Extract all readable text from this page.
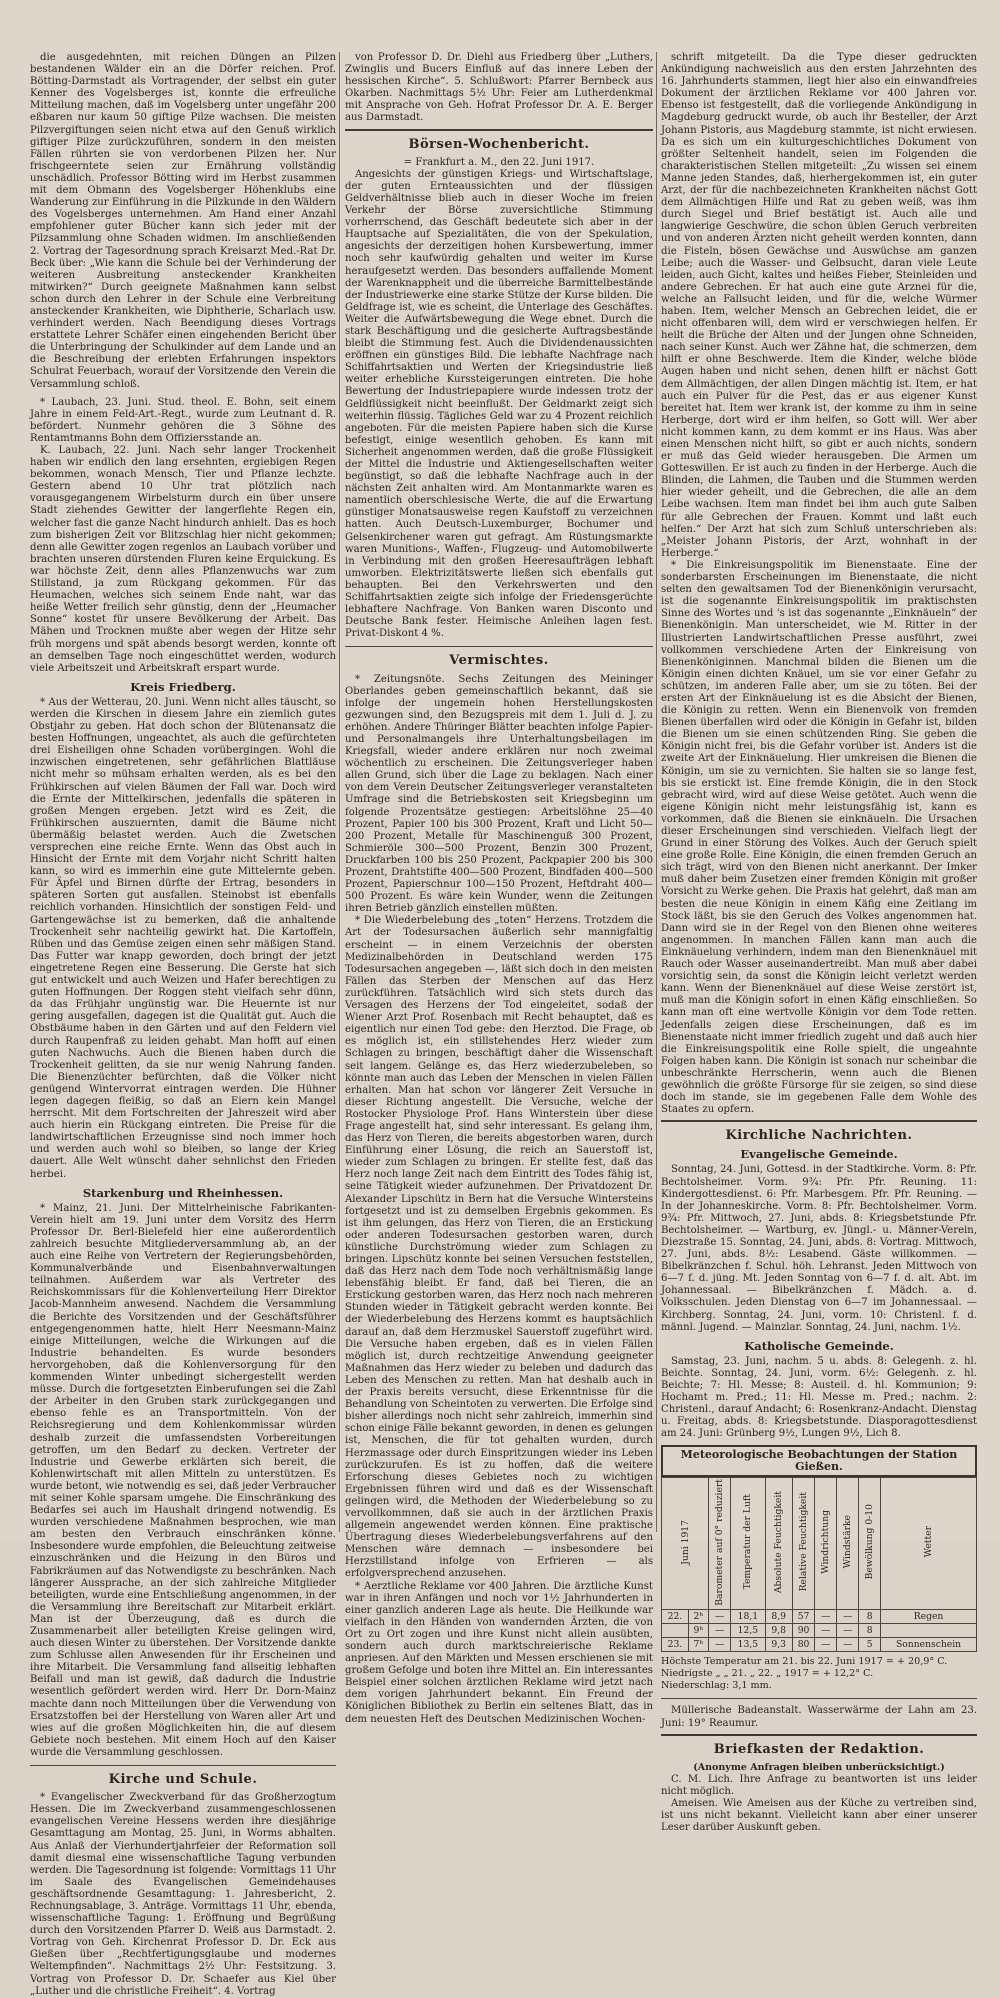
die ausgedehnten, mit reichen Düngen an Pilzen bestandenen Wälder ein an die Dörfer reichen. Prof. Bötting-Darmstadt als Vortragender, der selbst ein guter Kenner des Vogelsberges ist, konnte die erfreuliche Mitteilung machen, daß im Vogelsberg unter ungefähr 200 eßbaren nur kaum 50 giftige Pilze wachsen. Die meisten Pilzvergiftungen seien nicht etwa auf den Genuß wirklich giftiger Pilze zurückzuführen, sondern in den meisten Fällen rührten sie von verdorbenen Pilzen her. Nur frischgeerntete seien zur Ernährung vollständig unschädlich. Professor Bötting wird im Herbst zusammen mit dem Obmann des Vogelsberger Höhenklubs eine Wanderung zur Einführung in die Pilzkunde in den Wäldern des Vogelsberges unternehmen. Am Hand einer Anzahl empfohlener guter Bücher kann sich jeder mit der Pilzsammlung ohne Schaden widmen. Im anschließenden 2. Vortrag der Tagesordnung sprach Kreisarzt Med.-Rat Dr. Beck über: „Wie kann die Schule bei der Verhinderung der weiteren Ausbreitung ansteckender Krankheiten mitwirken?“ Durch geeignete Maßnahmen kann selbst schon durch den Lehrer in der Schule eine Verbreitung ansteckender Krankheiten, wie Diphtherie, Scharlach usw. verhindert werden. Nach Beendigung dieses Vortrags erstattete Lehrer Schäfer einen eingehenden Bericht über die Unterbringung der Schulkinder auf dem Lande und an die Beschreibung der erlebten Erfahrungen inspektors Schulrat Feuerbach, worauf der Vorsitzende den Verein die Versammlung schloß.

* Laubach, 23. Juni. Stud. theol. E. Bohn, seit einem Jahre in einem Feld-Art.-Regt., wurde zum Leutnant d. R. befördert. Nunmehr gehören die 3 Söhne des Rentamtmanns Bohn dem Offiziersstande an.

K. Laubach, 22. Juni. Nach sehr langer Trockenheit haben wir endlich den lang ersehnten, ergiebigen Regen bekommen, wonach Mensch, Tier und Pflanze lechzte. Gestern abend 10 Uhr trat plötzlich nach vorausgegangenem Wirbelsturm durch ein über unsere Stadt ziehendes Gewitter der langerflehte Regen ein, welcher fast die ganze Nacht hindurch anhielt. Das es hoch zum bisherigen Zeit vor Blitzschlag hier nicht gekommen; denn alle Gewitter zogen regenlos an Laubach vorüber und brachten unseren dürstenden Fluren keine Erquickung. Es war höchste Zeit, denn alles Pflanzenwuchs war zum Stillstand, ja zum Rückgang gekommen. Für das Heumachen, welches sich seinem Ende naht, war das heiße Wetter freilich sehr günstig, denn der „Heumacher Sonne“ kostet für unsere Bevölkerung der Arbeit. Das Mähen und Trocknen mußte aber wegen der Hitze sehr früh morgens und spät abends besorgt werden, konnte oft an demselben Tage noch eingeschüttet werden, wodurch viele Arbeitszeit und Arbeitskraft erspart wurde.

Kreis Friedberg.

* Aus der Wetterau, 20. Juni. Wenn nicht alles täuscht, so werden die Kirschen in diesem Jahre ein ziemlich gutes Obstjahr zu geben. Hat doch schon der Blütenansatz die besten Hoffnungen, ungeachtet, als auch die gefürchteten drei Eisheiligen ohne Schaden vorübergingen. Wohl die inzwischen eingetretenen, sehr gefährlichen Blattläuse nicht mehr so mühsam erhalten werden, als es bei den Frühkirschen auf vielen Bäumen der Fall war. Doch wird die Ernte der Mittelkirschen, jedenfalls die späteren in großen Mengen ergeben. Jetzt wird es Zeit, die Frühkirschen auszuernten, damit die Bäume nicht übermäßig belastet werden. Auch die Zwetschen versprechen eine reiche Ernte. Wenn das Obst auch in Hinsicht der Ernte mit dem Vorjahr nicht Schritt halten kann, so wird es immerhin eine gute Mittelernte geben. Für Äpfel und Birnen dürfte der Ertrag, besonders in späteren Sorten gut ausfallen. Steinobst ist ebenfalls reichlich vorhanden. Hinsichtlich der sonstigen Feld- und Gartengewächse ist zu bemerken, daß die anhaltende Trockenheit sehr nachteilig gewirkt hat. Die Kartoffeln, Rüben und das Gemüse zeigen einen sehr mäßigen Stand. Das Futter war knapp geworden, doch bringt der jetzt eingetretene Regen eine Besserung. Die Gerste hat sich gut entwickelt und auch Weizen und Hafer berechtigen zu guten Hoffnungen. Der Roggen steht vielfach sehr dünn, da das Frühjahr ungünstig war. Die Heuernte ist nur gering ausgefallen, dagegen ist die Qualität gut. Auch die Obstbäume haben in den Gärten und auf den Feldern viel durch Raupenfraß zu leiden gehabt. Man hofft auf einen guten Nachwuchs. Auch die Bienen haben durch die Trockenheit gelitten, da sie nur wenig Nahrung fanden. Die Bienenzüchter befürchten, daß die Völker nicht genügend Wintervorrat eintragen werden. Die Hühner legen dagegen fleißig, so daß an Eiern kein Mangel herrscht. Mit dem Fortschreiten der Jahreszeit wird aber auch hierin ein Rückgang eintreten. Die Preise für die landwirtschaftlichen Erzeugnisse sind noch immer hoch und werden auch wohl so bleiben, so lange der Krieg dauert. Alle Welt wünscht daher sehnlichst den Frieden herbei.

Starkenburg und Rheinhessen.

* Mainz, 21. Juni. Der Mittelrheinische Fabrikanten-Verein hielt am 19. Juni unter dem Vorsitz des Herrn Professor Dr. Berl-Bielefeld hier eine außerordentlich zahlreich besuchte Mitgliederversammlung ab, an der auch eine Reihe von Vertretern der Regierungsbehörden, Kommunalverbände und Eisenbahnverwaltungen teilnahmen. Außerdem war als Vertreter des Reichskommissars für die Kohlenverteilung Herr Direktor Jacob-Mannheim anwesend. Nachdem die Versammlung die Berichte des Vorsitzenden und der Geschäftsführer entgegengenommen hatte, hielt Herr Neesmann-Mainz einige Mitteilungen, welche die Wirkungen auf die Industrie behandelten. Es wurde besonders hervorgehoben, daß die Kohlenversorgung für den kommenden Winter unbedingt sichergestellt werden müsse. Durch die fortgesetzten Einberufungen sei die Zahl der Arbeiter in den Gruben stark zurückgegangen und ebenso fehle es an Transportmitteln. Von der Reichsregierung und dem Kohlenkommissar würden deshalb zurzeit die umfassendsten Vorbereitungen getroffen, um den Bedarf zu decken. Vertreter der Industrie und Gewerbe erklärten sich bereit, die Kohlenwirtschaft mit allen Mitteln zu unterstützen. Es wurde betont, wie notwendig es sei, daß jeder Verbraucher mit seiner Kohle sparsam umgehe. Die Einschränkung des Bedarfes sei auch im Haushalt dringend notwendig. Es wurden verschiedene Maßnahmen besprochen, wie man am besten den Verbrauch einschränken könne. Insbesondere wurde empfohlen, die Beleuchtung zeitweise einzuschränken und die Heizung in den Büros und Fabrikräumen auf das Notwendigste zu beschränken. Nach längerer Aussprache, an der sich zahlreiche Mitglieder beteiligten, wurde eine Entschließung angenommen, in der die Versammlung ihre Bereitschaft zur Mitarbeit erklärt. Man ist der Überzeugung, daß es durch die Zusammenarbeit aller beteiligten Kreise gelingen wird, auch diesen Winter zu überstehen. Der Vorsitzende dankte zum Schlusse allen Anwesenden für ihr Erscheinen und ihre Mitarbeit. Die Versammlung fand allseitig lebhaften Beifall und man ist gewiß, daß dadurch die Industrie wesentlich gefördert werden wird. Herr Dr. Dorn-Mainz machte dann noch Mitteilungen über die Verwendung von Ersatzstoffen bei der Herstellung von Waren aller Art und wies auf die großen Möglichkeiten hin, die auf diesem Gebiete noch bestehen. Mit einem Hoch auf den Kaiser wurde die Versammlung geschlossen.

Kirche und Schule.

* Evangelischer Zweckverband für das Großherzogtum Hessen. Die im Zweckverband zusammengeschlossenen evangelischen Vereine Hessens werden ihre diesjährige Gesamttagung am Montag, 25. Juni, in Worms abhalten. Aus Anlaß der Vierhundertjahrfeier der Reformation soll damit diesmal eine wissenschaftliche Tagung verbunden werden. Die Tagesordnung ist folgende: Vormittags 11 Uhr im Saale des Evangelischen Gemeindehauses geschäftsordnende Gesamttagung: 1. Jahresbericht, 2. Rechnungsablage, 3. Anträge. Vormittags 11 Uhr, ebenda, wissenschaftliche Tagung: 1. Eröffnung und Begrüßung durch den Vorsitzenden Pfarrer D. Weiß aus Darmstadt. 2. Vortrag von Geh. Kirchenrat Professor D. Dr. Eck aus Gießen über „Rechtfertigungsglaube und modernes Weltempfinden“. Nachmittags 2½ Uhr: Festsitzung. 3. Vortrag von Professor D. Dr. Schaefer aus Kiel über „Luther und die christliche Freiheit“. 4. Vortrag

von Professor D. Dr. Diehl aus Friedberg über „Luthers, Zwinglis und Bucers Einfluß auf das innere Leben der hessischen Kirche“. 5. Schlußwort: Pfarrer Bernbeck aus Okarben. Nachmittags 5½ Uhr: Feier am Lutherdenkmal mit Ansprache von Geh. Hofrat Professor Dr. A. E. Berger aus Darmstadt.

Börsen-Wochenbericht.

= Frankfurt a. M., den 22. Juni 1917.

Angesichts der günstigen Kriegs- und Wirtschaftslage, der guten Ernteaussichten und der flüssigen Geldverhältnisse blieb auch in dieser Woche im freien Verkehr der Börse zuversichtliche Stimmung vorherrschend, das Geschäft bedeutete sich aber in der Hauptsache auf Spezialitäten, die von der Spekulation, angesichts der derzeitigen hohen Kursbewertung, immer noch sehr kaufwürdig gehalten und weiter im Kurse heraufgesetzt werden. Das besonders auffallende Moment der Warenknappheit und die überreiche Barmittelbestände der Industriewerke eine starke Stütze der Kurse bilden. Die Geldfrage ist, wie es scheint, die Unterlage des Geschäftes. Weiter die Aufwärtsbewegung die Wege ebnet. Durch die stark Beschäftigung und die gesicherte Auftragsbestände bleibt die Stimmung fest. Auch die Dividendenaussichten eröffnen ein günstiges Bild. Die lebhafte Nachfrage nach Schiffahrtsaktien und Werten der Kriegsindustrie ließ weiter erhebliche Kurssteigerungen eintreten. Die hohe Bewertung der Industriepapiere wurde indessen trotz der Geldflüssigkeit nicht beeinflußt. Der Geldmarkt zeigt sich weiterhin flüssig. Tägliches Geld war zu 4 Prozent reichlich angeboten. Für die meisten Papiere haben sich die Kurse befestigt, einige wesentlich gehoben. Es kann mit Sicherheit angenommen werden, daß die große Flüssigkeit der Mittel die Industrie und Aktiengesellschaften weiter begünstigt, so daß die lebhafte Nachfrage auch in der nächsten Zeit anhalten wird. Am Montanmarkte waren es namentlich oberschlesische Werte, die auf die Erwartung günstiger Monatsausweise regen Kaufstoff zu verzeichnen hatten. Auch Deutsch-Luxemburger, Bochumer und Gelsenkirchener waren gut gefragt. Am Rüstungsmarkte waren Munitions-, Waffen-, Flugzeug- und Automobilwerte in Verbindung mit den großen Heeresaufträgen lebhaft umworben. Elektrizitätswerte ließen sich ebenfalls gut behaupten. Bei den Verkehrswerten und den Schiffahrtsaktien zeigte sich infolge der Friedensgerüchte lebhaftere Nachfrage. Von Banken waren Disconto und Deutsche Bank fester. Heimische Anleihen lagen fest. Privat-Diskont 4 %.

Vermischtes.

* Zeitungsnöte. Sechs Zeitungen des Meininger Oberlandes geben gemeinschaftlich bekannt, daß sie infolge der ungemein hohen Herstellungskosten gezwungen sind, den Bezugspreis mit dem 1. Juli d. J. zu erhöhen. Andere Thüringer Blätter beachten infolge Papier- und Personalmangels ihre Unterhaltungsbeilagen im Kriegsfall, wieder andere erklären nur noch zweimal wöchentlich zu erscheinen. Die Zeitungsverleger haben allen Grund, sich über die Lage zu beklagen. Nach einer von dem Verein Deutscher Zeitungsverleger veranstalteten Umfrage sind die Betriebskosten seit Kriegsbeginn um folgende Prozentsätze gestiegen: Arbeitslöhne 25—40 Prozent, Papier 100 bis 300 Prozent, Kraft und Licht 50—200 Prozent, Metalle für Maschinenguß 300 Prozent, Schmieröle 300—500 Prozent, Benzin 300 Prozent, Druckfarben 100 bis 250 Prozent, Packpapier 200 bis 300 Prozent, Drahtstifte 400—500 Prozent, Bindfaden 400—500 Prozent, Papierschnur 100—150 Prozent, Heftdraht 400—500 Prozent. Es wäre kein Wunder, wenn die Zeitungen ihren Betrieb gänzlich einstellen müßten.

* Die Wiederbelebung des „toten“ Herzens. Trotzdem die Art der Todesursachen äußerlich sehr mannigfaltig erscheint — in einem Verzeichnis der obersten Medizinalbehörden in Deutschland werden 175 Todesursachen angegeben —, läßt sich doch in den meisten Fällen das Sterben der Menschen auf das Herz zurückführen. Tatsächlich wird sich stets durch das Versagen des Herzens der Tod eingeleitet, sodaß der Wiener Arzt Prof. Rosenbach mit Recht behauptet, daß es eigentlich nur einen Tod gebe: den Herztod. Die Frage, ob es möglich ist, ein stillstehendes Herz wieder zum Schlagen zu bringen, beschäftigt daher die Wissenschaft seit langem. Gelänge es, das Herz wiederzubeleben, so könnte man auch das Leben der Menschen in vielen Fällen erhalten. Man hat schon vor längerer Zeit Versuche in dieser Richtung angestellt. Die Versuche, welche der Rostocker Physiologe Prof. Hans Winterstein über diese Frage angestellt hat, sind sehr interessant. Es gelang ihm, das Herz von Tieren, die bereits abgestorben waren, durch Einführung einer Lösung, die reich an Sauerstoff ist, wieder zum Schlagen zu bringen. Er stellte fest, daß das Herz noch lange Zeit nach dem Eintritt des Todes fähig ist, seine Tätigkeit wieder aufzunehmen. Der Privatdozent Dr. Alexander Lipschütz in Bern hat die Versuche Wintersteins fortgesetzt und ist zu demselben Ergebnis gekommen. Es ist ihm gelungen, das Herz von Tieren, die an Erstickung oder anderen Todesursachen gestorben waren, durch künstliche Durchströmung wieder zum Schlagen zu bringen. Lipschütz konnte bei seinen Versuchen feststellen, daß das Herz nach dem Tode noch verhältnismäßig lange lebensfähig bleibt. Er fand, daß bei Tieren, die an Erstickung gestorben waren, das Herz noch nach mehreren Stunden wieder in Tätigkeit gebracht werden konnte. Bei der Wiederbelebung des Herzens kommt es hauptsächlich darauf an, daß dem Herzmuskel Sauerstoff zugeführt wird. Die Versuche haben ergeben, daß es in vielen Fällen möglich ist, durch rechtzeitige Anwendung geeigneter Maßnahmen das Herz wieder zu beleben und dadurch das Leben des Menschen zu retten. Man hat deshalb auch in der Praxis bereits versucht, diese Erkenntnisse für die Behandlung von Scheintoten zu verwerten. Die Erfolge sind bisher allerdings noch nicht sehr zahlreich, immerhin sind schon einige Fälle bekannt geworden, in denen es gelungen ist, Menschen, die für tot gehalten wurden, durch Herzmassage oder durch Einspritzungen wieder ins Leben zurückzurufen. Es ist zu hoffen, daß die weitere Erforschung dieses Gebietes noch zu wichtigen Ergebnissen führen wird und daß es der Wissenschaft gelingen wird, die Methoden der Wiederbelebung so zu vervollkommnen, daß sie auch in der ärztlichen Praxis allgemein angewendet werden können. Eine praktische Übertragung dieses Wiederbelebungsverfahrens auf den Menschen wäre demnach — insbesondere bei Herzstillstand infolge von Erfrieren — als erfolgversprechend anzusehen.

* Aerztliche Reklame vor 400 Jahren. Die ärztliche Kunst war in ihren Anfängen und noch vor 1½ Jahrhunderten in einer ganzlich anderen Lage als heute. Die Heilkunde war vielfach in den Händen von wandernden Ärzten, die von Ort zu Ort zogen und ihre Kunst nicht allein ausübten, sondern auch durch marktschreierische Reklame anpriesen. Auf den Märkten und Messen erschienen sie mit großem Gefolge und boten ihre Mittel an. Ein interessantes Beispiel einer solchen ärztlichen Reklame wird jetzt nach dem vorigen Jahrhundert bekannt. Ein Freund der Königlichen Bibliothek zu Berlin ein seltenes Blatt, das in dem neuesten Heft des Deutschen Medizinischen Wochen-

schrift mitgeteilt. Da die Type dieser gedruckten Ankündigung nachweislich aus den ersten Jahrzehnten des 16. Jahrhunderts stammen, liegt hier also ein einwandfreies Dokument der ärztlichen Reklame vor 400 Jahren vor. Ebenso ist festgestellt, daß die vorliegende Ankündigung in Magdeburg gedruckt wurde, ob auch ihr Besteller, der Arzt Johann Pistoris, aus Magdeburg stammte, ist nicht erwiesen. Da es sich um ein kulturgeschichtliches Dokument von größter Seltenheit handelt, seien im Folgenden die charakteristischen Stellen mitgeteilt: „Zu wissen sei einem Manne jeden Standes, daß, hierhergekommen ist, ein guter Arzt, der für die nachbezeichneten Krankheiten nächst Gott dem Allmächtigen Hilfe und Rat zu geben weiß, was ihm durch Siegel und Brief bestätigt ist. Auch alle und langwierige Geschwüre, die schon üblen Geruch verbreiten und von anderen Ärzten nicht geheilt werden konnten, dann die Fisteln, bösen Gewächse und Auswüchse am ganzen Leibe; auch die Wasser- und Gelbsucht, daran viele Leute leiden, auch Gicht, kaltes und heißes Fieber, Steinleiden und andere Gebrechen. Er hat auch eine gute Arznei für die, welche an Fallsucht leiden, und für die, welche Würmer haben. Item, welcher Mensch an Gebrechen leidet, die er nicht offenbaren will, dem wird er verschwiegen helfen. Er heilt die Brüche der Alten und der Jungen ohne Schneiden, nach seiner Kunst. Auch wer Zähne hat, die schmerzen, dem hilft er ohne Beschwerde. Item die Kinder, welche blöde Augen haben und nicht sehen, denen hilft er nächst Gott dem Allmächtigen, der allen Dingen mächtig ist. Item, er hat auch ein Pulver für die Pest, das er aus eigener Kunst bereitet hat. Item wer krank ist, der komme zu ihm in seine Herberge, dort wird er ihm helfen, so Gott will. Wer aber nicht kommen kann, zu dem kommt er ins Haus. Was aber einen Menschen nicht hilft, so gibt er auch nichts, sondern er muß das Geld wieder herausgeben. Die Armen um Gotteswillen. Er ist auch zu finden in der Herberge. Auch die Blinden, die Lahmen, die Tauben und die Stummen werden hier wieder geheilt, und die Gebrechen, die alle an dem Leibe wachsen. Item man findet bei ihm auch gute Salben für alle Gebrechen der Frauen. Kommt und laßt euch helfen.“ Der Arzt hat sich zum Schluß unterschrieben als: „Meister Johann Pistoris, der Arzt, wohnhaft in der Herberge.“

* Die Einkreisungspolitik im Bienenstaate. Eine der sonderbarsten Erscheinungen im Bienenstaate, die nicht selten den gewaltsamen Tod der Bienenkönigin verursacht, ist die sogenannte Einkreisungspolitik im praktischsten Sinne des Wortes und 's ist das sogenannte „Einknäueln“ der Bienenkönigin. Man unterscheidet, wie M. Ritter in der Illustrierten Landwirtschaftlichen Presse ausführt, zwei vollkommen verschiedene Arten der Einkreisung von Bienenköniginnen. Manchmal bilden die Bienen um die Königin einen dichten Knäuel, um sie vor einer Gefahr zu schützen, im anderen Falle aber, um sie zu töten. Bei der ersten Art der Einknäuelung ist es die Absicht der Bienen, die Königin zu retten. Wenn ein Bienenvolk von fremden Bienen überfallen wird oder die Königin in Gefahr ist, bilden die Bienen um sie einen schützenden Ring. Sie geben die Königin nicht frei, bis die Gefahr vorüber ist. Anders ist die zweite Art der Einknäuelung. Hier umkreisen die Bienen die Königin, um sie zu vernichten. Sie halten sie so lange fest, bis sie erstickt ist. Eine fremde Königin, die in den Stock gebracht wird, wird auf diese Weise getötet. Auch wenn die eigene Königin nicht mehr leistungsfähig ist, kann es vorkommen, daß die Bienen sie einknäueln. Die Ursachen dieser Erscheinungen sind verschieden. Vielfach liegt der Grund in einer Störung des Volkes. Auch der Geruch spielt eine große Rolle. Eine Königin, die einen fremden Geruch an sich trägt, wird von den Bienen nicht anerkannt. Der Imker muß daher beim Zusetzen einer fremden Königin mit großer Vorsicht zu Werke gehen. Die Praxis hat gelehrt, daß man am besten die neue Königin in einem Käfig eine Zeitlang im Stock läßt, bis sie den Geruch des Volkes angenommen hat. Dann wird sie in der Regel von den Bienen ohne weiteres angenommen. In manchen Fällen kann man auch die Einknäuelung verhindern, indem man den Bienenknäuel mit Rauch oder Wasser auseinandertreibt. Man muß aber dabei vorsichtig sein, da sonst die Königin leicht verletzt werden kann. Wenn der Bienenknäuel auf diese Weise zerstört ist, muß man die Königin sofort in einen Käfig einschließen. So kann man oft eine wertvolle Königin vor dem Tode retten. Jedenfalls zeigen diese Erscheinungen, daß es im Bienenstaate nicht immer friedlich zugeht und daß auch hier die Einkreisungspolitik eine Rolle spielt, die ungeahnte Folgen haben kann. Die Königin ist sonach nur scheinbar die unbeschränkte Herrscherin, wenn auch die Bienen gewöhnlich die größte Fürsorge für sie zeigen, so sind diese doch im stande, sie im gegebenen Falle dem Wohle des Staates zu opfern.

Kirchliche Nachrichten.
Evangelische Gemeinde.

Sonntag, 24. Juni, Gottesd. in der Stadtkirche. Vorm. 8: Pfr. Bechtolsheimer. Vorm. 9¾: Pfr. Pfr. Reuning. 11: Kindergottesdienst. 6: Pfr. Marbesgem. Pfr. Pfr. Reuning. — In der Johanneskirche. Vorm. 8: Pfr. Bechtolsheimer. Vorm. 9¾: Pfr. Mittwoch, 27. Juni, abds. 8: Kriegsbetstunde Pfr. Bechtolsheimer. — Wartburg, ev. Jüngl.- u. Männer-Verein, Diezstraße 15. Sonntag, 24. Juni, abds. 8: Vortrag. Mittwoch, 27. Juni, abds. 8½: Lesabend. Gäste willkommen. — Bibelkränzchen f. Schul. höh. Lehranst. Jeden Mittwoch von 6—7 f. d. jüng. Mt. Jeden Sonntag von 6—7 f. d. alt. Abt. im Johannessaal. — Bibelkränzchen f. Mädch. a. d. Volksschulen. Jeden Dienstag von 6—7 im Johannessaal. — Kirchberg. Sonntag, 24. Juni, vorm. 10: Christenl. f. d. männl. Jugend. — Mainzlar. Sonntag, 24. Juni, nachm. 1½.

Katholische Gemeinde.

Samstag, 23. Juni, nachm. 5 u. abds. 8: Gelegenh. z. hl. Beichte. Sonntag, 24. Juni, vorm. 6½: Gelegenh. z. hl. Beichte; 7: Hl. Messe; 8: Austeil. d. hl. Kommunion; 9: Hochamt m. Pred.; 11: Hl. Messe m. Pred.; nachm. 2: Christenl., darauf Andacht; 6: Rosenkranz-Andacht. Dienstag u. Freitag, abds. 8: Kriegsbetstunde. Diasporagottesdienst am 24. Juni: Grünberg 9½, Lungen 9½, Lich 8.

Meteorologische Beobachtungen der Station Gießen.
Juni 1917		Barometer auf 0° reduziert	Temperatur der Luft	Absolute Feuchtigkeit	Relative Feuchtigkeit	Windrichtung	Windstärke	Bewölkung 0-10	Wetter
22.	2ʰ	—	18,1	8,9	57	—	—	8	Regen
	9ʰ	—	12,5	9,8	90	—	—	8	
23.	7ʰ	—	13,5	9,3	80	—	—	5	Sonnenschein
Höchste Temperatur am 21. bis 22. Juni 1917 = + 20,9° C.
Niedrigste „ „ 21. „ 22. „ 1917 = + 12,2° C.
Niederschlag: 3,1 mm.

Müllerische Badeanstalt. Wasserwärme der Lahn am 23. Juni: 19° Reaumur.

Briefkasten der Redaktion.

(Anonyme Anfragen bleiben unberücksichtigt.)

C. M. Lich. Ihre Anfrage zu beantworten ist uns leider nicht möglich.

Ameisen. Wie Ameisen aus der Küche zu vertreiben sind, ist uns nicht bekannt. Vielleicht kann aber einer unserer Leser darüber Auskunft geben.
